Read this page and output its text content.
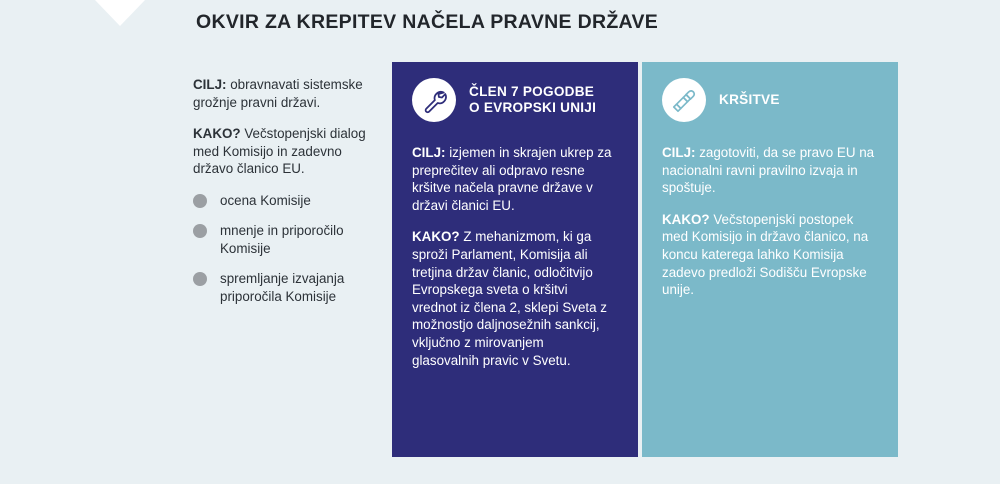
OKVIR ZA KREPITEV NAČELA PRAVNE DRŽAVE

CILJ: obravnavati sistemske grožnje pravni državi.

KAKO? Večstopenjski dialog med Komisijo in zadevno državo članico EU.

ocena Komisije
mnenje in priporočilo Komisije
spremljanje izvajanja priporočila Komisije
ČLEN 7 POGODBE
O EVROPSKI UNIJI

CILJ: izjemen in skrajen ukrep za preprečitev ali odpravo resne kršitve načela pravne države v državi članici EU.

KAKO? Z mehanizmom, ki ga sproži Parlament, Komisija ali tretjina držav članic, odločitvijo Evropskega sveta o kršitvi vrednot iz člena 2, sklepi Sveta z možnostjo daljnosežnih sankcij, vključno z mirovanjem glasovalnih pravic v Svetu.

KRŠITVE

CILJ: zagotoviti, da se pravo EU na nacionalni ravni pravilno izvaja in spoštuje.

KAKO? Večstopenjski postopek med Komisijo in državo članico, na koncu katerega lahko Komisija zadevo predloži Sodišču Evropske unije.
